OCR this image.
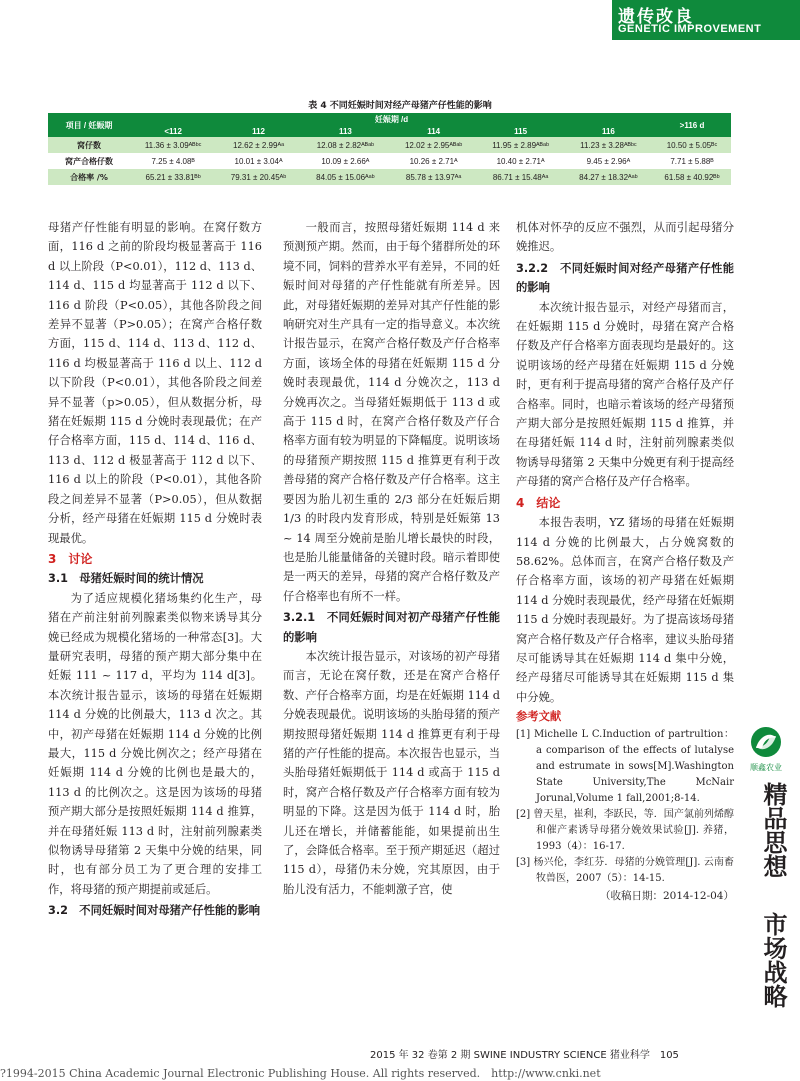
遗传改良
GENETIC IMPROVEMENT
表 4 不同妊娠时间对经产母猪产仔性能的影响
项目 / 妊娠期	妊娠期 /d						>116 d
	<112	112	113	114	115	116	
窝仔数	11.36 ± 3.09ᴬᴮᵇᶜ	12.62 ± 2.99ᴬᵃ	12.08 ± 2.82ᴬᴮᵃᵇ	12.02 ± 2.95ᴬᴮᵃᵇ	11.95 ± 2.89ᴬᴮᵃᵇ	11.23 ± 3.28ᴬᴮᵇᶜ	10.50 ± 5.05ᴮᶜ
窝产合格仔数	7.25 ± 4.08ᴮ	10.01 ± 3.04ᴬ	10.09 ± 2.66ᴬ	10.26 ± 2.71ᴬ	10.40 ± 2.71ᴬ	9.45 ± 2.96ᴬ	7.71 ± 5.88ᴮ
合格率 /%	65.21 ± 33.81ᴮᵇ	79.31 ± 20.45ᴬᵇ	84.05 ± 15.06ᴬᵃᵇ	85.78 ± 13.97ᴬᵃ	86.71 ± 15.48ᴬᵃ	84.27 ± 18.32ᴬᵃᵇ	61.58 ± 40.92ᴮᵇ

母猪产仔性能有明显的影响。在窝仔数方面，116 d 之前的阶段均极显著高于 116 d 以上阶段（P<0.01），112 d、113 d、114 d、115 d 均显著高于 112 d 以下、116 d 阶段（P<0.05），其他各阶段之间差异不显著（P>0.05）；在窝产合格仔数方面，115 d、114 d、113 d、112 d、116 d 均极显著高于 116 d 以上、112 d 以下阶段（P<0.01），其他各阶段之间差异不显著（p>0.05），但从数据分析，母猪在妊娠期 115 d 分娩时表现最优；在产仔合格率方面，115 d、114 d、116 d、113 d、112 d 极显著高于 112 d 以下、116 d 以上的阶段（P<0.01），其他各阶段之间差异不显著（P>0.05），但从数据分析，经产母猪在妊娠期 115 d 分娩时表现最优。

3　讨论

3.1　母猪妊娠时间的统计情况

为了适应规模化猪场集约化生产，母猪在产前注射前列腺素类似物来诱导其分娩已经成为规模化猪场的一种常态[3]。大量研究表明，母猪的预产期大部分集中在妊娠 111 ~ 117 d，平均为 114 d[3]。本次统计报告显示，该场的母猪在妊娠期 114 d 分娩的比例最大，113 d 次之。其中，初产母猪在妊娠期 114 d 分娩的比例最大，115 d 分娩比例次之；经产母猪在妊娠期 114 d 分娩的比例也是最大的，113 d 的比例次之。这是因为该场的母猪预产期大部分是按照妊娠期 114 d 推算，并在母猪妊娠 113 d 时，注射前列腺素类似物诱导母猪第 2 天集中分娩的结果，同时，也有部分员工为了更合理的安排工作，将母猪的预产期提前或延后。

3.2　不同妊娠时间对母猪产仔性能的影响

一般而言，按照母猪妊娠期 114 d 来预测预产期。然而，由于每个猪群所处的环境不同，饲料的营养水平有差异，不同的妊娠时间对母猪的产仔性能就有所差异。因此，对母猪妊娠期的差异对其产仔性能的影响研究对生产具有一定的指导意义。本次统计报告显示，在窝产合格仔数及产仔合格率方面，该场全体的母猪在妊娠期 115 d 分娩时表现最优，114 d 分娩次之，113 d 分娩再次之。当母猪妊娠期低于 113 d 或高于 115 d 时，在窝产合格仔数及产仔合格率方面有较为明显的下降幅度。说明该场的母猪预产期按照 115 d 推算更有利于改善母猪的窝产合格仔数及产仔合格率。这主要因为胎儿初生重的 2/3 部分在妊娠后期 1/3 的时段内发育形成，特别是妊娠第 13 ~ 14 周至分娩前是胎儿增长最快的时段，也是胎儿能量储备的关键时段。暗示着即使是一两天的差异，母猪的窝产合格仔数及产仔合格率也有所不一样。

3.2.1　不同妊娠时间对初产母猪产仔性能的影响

本次统计报告显示，对该场的初产母猪而言，无论在窝仔数，还是在窝产合格仔数、产仔合格率方面，均是在妊娠期 114 d 分娩表现最优。说明该场的头胎母猪的预产期按照母猪妊娠期 114 d 推算更有利于母猪的产仔性能的提高。本次报告也显示，当头胎母猪妊娠期低于 114 d 或高于 115 d 时，窝产合格仔数及产仔合格率方面有较为明显的下降。这是因为低于 114 d 时，胎儿还在增长，并储蓄能能，如果提前出生了，会降低合格率。至于预产期延迟（超过 115 d），母猪仍未分娩，究其原因，由于胎儿没有活力，不能刺激子宫，使

机体对怀孕的反应不强烈，从而引起母猪分娩推迟。

3.2.2　不同妊娠时间对经产母猪产仔性能的影响

本次统计报告显示，对经产母猪而言，在妊娠期 115 d 分娩时，母猪在窝产合格仔数及产仔合格率方面表现均是最好的。这说明该场的经产母猪在妊娠期 115 d 分娩时，更有利于提高母猪的窝产合格仔及产仔合格率。同时，也暗示着该场的经产母猪预产期大部分是按照妊娠期 115 d 推算，并在母猪妊娠 114 d 时，注射前列腺素类似物诱导母猪第 2 天集中分娩更有利于提高经产母猪的窝产合格仔及产仔合格率。

4　结论

本报告表明，YZ 猪场的母猪在妊娠期 114 d 分娩的比例最大，占分娩窝数的 58.62%。总体而言，在窝产合格仔数及产仔合格率方面，该场的初产母猪在妊娠期 114 d 分娩时表现最优，经产母猪在妊娠期 115 d 分娩时表现最好。为了提高该场母猪窝产合格仔数及产仔合格率，建议头胎母猪尽可能诱导其在妊娠期 114 d 集中分娩，经产母猪尽可能诱导其在妊娠期 115 d 集中分娩。

参考文献

[1] Michelle L C.Induction of partrultion：a comparison of the effects of lutalyse and estrumate in sows[M].Washington State University,The McNair Jorunal,Volume 1 fall,2001;8-14.

[2] 曾天星，崔利，李跃民，等．国产氯前列烯醇和催产素诱导母猪分娩效果试验[J]. 养猪，1993（4）：16-17.

[3] 杨兴伦，李红芬．母猪的分娩管理[J]. 云南畜牧兽医，2007（5）：14-15.

（收稿日期：2014-12-04）

顺鑫农业
精品思想
市场战略
2015 年 32 卷第 2 期 SWINE INDUSTRY SCIENCE 猪业科学　105
?1994-2015 China Academic Journal Electronic Publishing House. All rights reserved.　http://www.cnki.net
